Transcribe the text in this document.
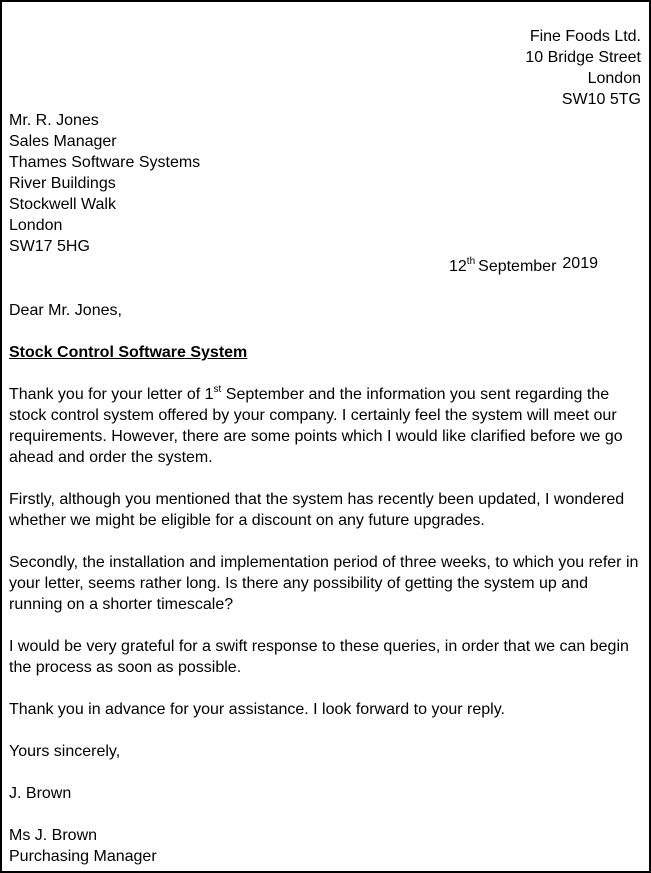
Fine Foods Ltd.
10 Bridge Street
London
SW10 5TG
Mr. R. Jones
Sales Manager
Thames Software Systems
River Buildings
Stockwell Walk
London
SW17 5HG
12th September 2019

Dear Mr. Jones,

Stock Control Software System

Thank you for your letter of 1st September and the information you sent regarding the stock control system offered by your company. I certainly feel the system will meet our requirements. However, there are some points which I would like clarified before we go ahead and order the system.

Firstly, although you mentioned that the system has recently been updated, I wondered whether we might be eligible for a discount on any future upgrades.

Secondly, the installation and implementation period of three weeks, to which you refer in your letter, seems rather long. Is there any possibility of getting the system up and running on a shorter timescale?

I would be very grateful for a swift response to these queries, in order that we can begin the process as soon as possible.

Thank you in advance for your assistance. I look forward to your reply.

Yours sincerely,

J. Brown

Ms J. Brown
Purchasing Manager
